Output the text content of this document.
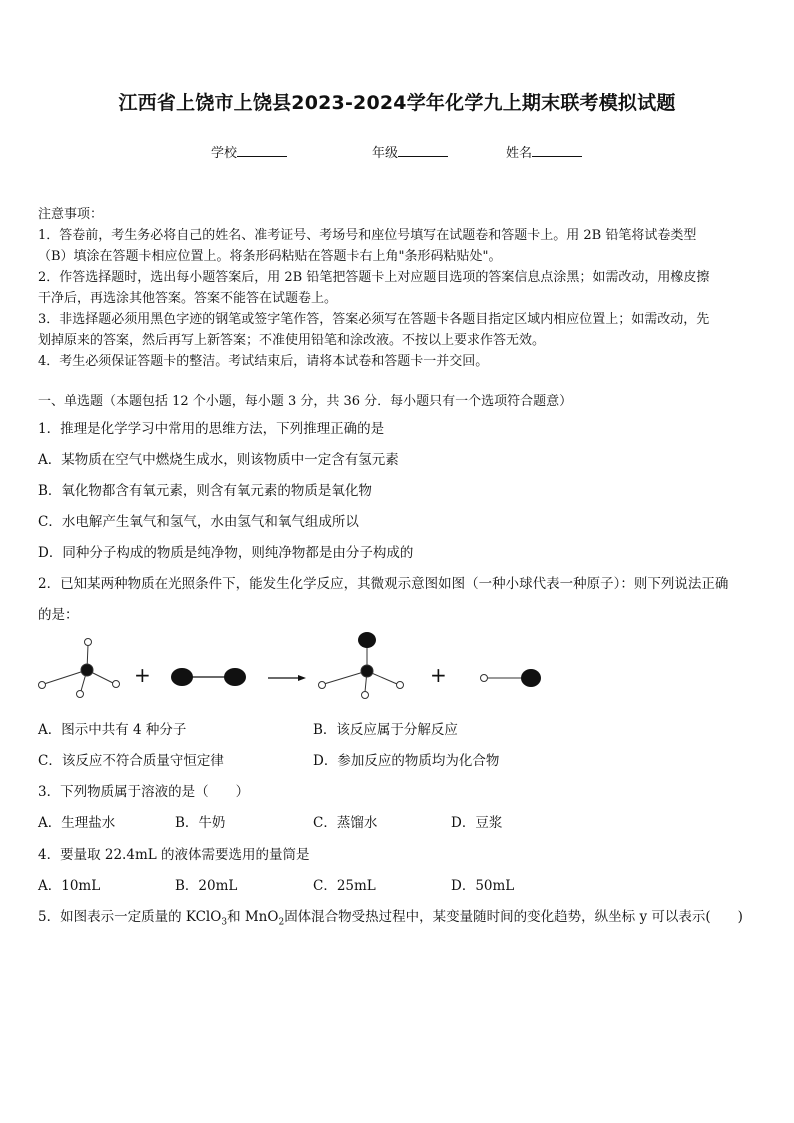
江西省上饶市上饶县2023-2024学年化学九上期末联考模拟试题
学校	年级	姓名
注意事项：
1．答卷前，考生务必将自己的姓名、准考证号、考场号和座位号填写在试题卷和答题卡上。用 2B 铅笔将试卷类型
（B）填涂在答题卡相应位置上。将条形码粘贴在答题卡右上角"条形码粘贴处"。
2．作答选择题时，选出每小题答案后，用 2B 铅笔把答题卡上对应题目选项的答案信息点涂黑；如需改动，用橡皮擦
干净后，再选涂其他答案。答案不能答在试题卷上。
3．非选择题必须用黑色字迹的钢笔或签字笔作答，答案必须写在答题卡各题目指定区域内相应位置上；如需改动，先
划掉原来的答案，然后再写上新答案；不准使用铅笔和涂改液。不按以上要求作答无效。
4．考生必须保证答题卡的整洁。考试结束后，请将本试卷和答题卡一并交回。
一、单选题（本题包括 12 个小题，每小题 3 分，共 36 分．每小题只有一个选项符合题意）
1．推理是化学学习中常用的思维方法，下列推理正确的是
A．某物质在空气中燃烧生成水，则该物质中一定含有氢元素
B．氧化物都含有氧元素，则含有氧元素的物质是氧化物
C．水电解产生氧气和氢气，水由氢气和氧气组成所以
D．同种分子构成的物质是纯净物，则纯净物都是由分子构成的
2．已知某两种物质在光照条件下，能发生化学反应，其微观示意图如图（一种小球代表一种原子）：则下列说法正确
的是：
+	+
A．图示中共有 4 种分子	B．该反应属于分解反应
C．该反应不符合质量守恒定律	D．参加反应的物质均为化合物
3．下列物质属于溶液的是（　　）
A．生理盐水	B．牛奶	C．蒸馏水	D．豆浆
4．要量取 22.4mL 的液体需要选用的量筒是
A．10mL	B．20mL	C．25mL	D．50mL
5．如图表示一定质量的 KClO$_3$和 MnO$_2$固体混合物受热过程中，某变量随时间的变化趋势，纵坐标 y 可以表示(　　)
